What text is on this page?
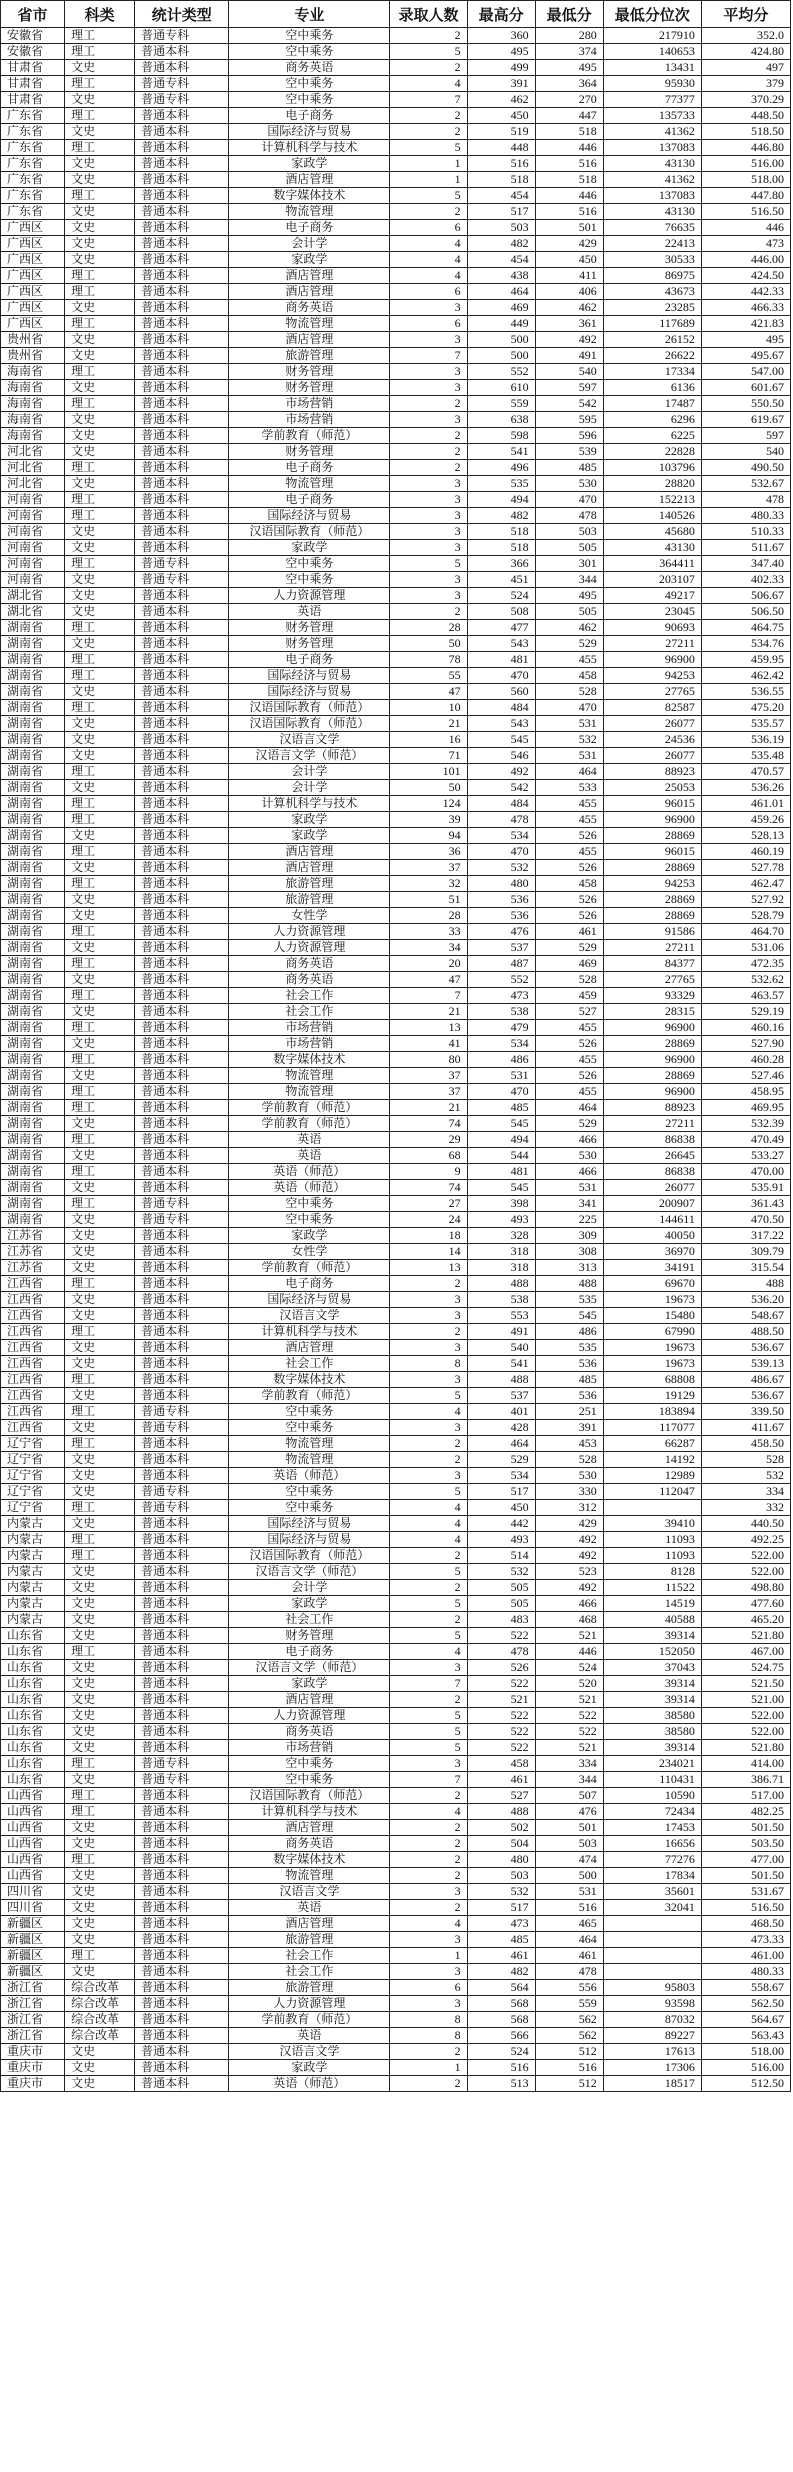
省市	科类	统计类型	专业	录取人数	最高分	最低分	最低分位次	平均分
安徽省	理工	普通专科	空中乘务	2	360	280	217910	352.0
安徽省	理工	普通本科	空中乘务	5	495	374	140653	424.80
甘肃省	文史	普通本科	商务英语	2	499	495	13431	497
甘肃省	理工	普通专科	空中乘务	4	391	364	95930	379
甘肃省	文史	普通专科	空中乘务	7	462	270	77377	370.29
广东省	理工	普通本科	电子商务	2	450	447	135733	448.50
广东省	文史	普通本科	国际经济与贸易	2	519	518	41362	518.50
广东省	理工	普通本科	计算机科学与技术	5	448	446	137083	446.80
广东省	文史	普通本科	家政学	1	516	516	43130	516.00
广东省	文史	普通本科	酒店管理	1	518	518	41362	518.00
广东省	理工	普通本科	数字媒体技术	5	454	446	137083	447.80
广东省	文史	普通本科	物流管理	2	517	516	43130	516.50
广西区	文史	普通本科	电子商务	6	503	501	76635	446
广西区	文史	普通本科	会计学	4	482	429	22413	473
广西区	文史	普通本科	家政学	4	454	450	30533	446.00
广西区	理工	普通本科	酒店管理	4	438	411	86975	424.50
广西区	理工	普通本科	酒店管理	6	464	406	43673	442.33
广西区	文史	普通本科	商务英语	3	469	462	23285	466.33
广西区	理工	普通本科	物流管理	6	449	361	117689	421.83
贵州省	文史	普通本科	酒店管理	3	500	492	26152	495
贵州省	文史	普通本科	旅游管理	7	500	491	26622	495.67
海南省	理工	普通本科	财务管理	3	552	540	17334	547.00
海南省	文史	普通本科	财务管理	3	610	597	6136	601.67
海南省	理工	普通本科	市场营销	2	559	542	17487	550.50
海南省	文史	普通本科	市场营销	3	638	595	6296	619.67
海南省	文史	普通本科	学前教育（师范）	2	598	596	6225	597
河北省	文史	普通本科	财务管理	2	541	539	22828	540
河北省	理工	普通本科	电子商务	2	496	485	103796	490.50
河北省	文史	普通本科	物流管理	3	535	530	28820	532.67
河南省	理工	普通本科	电子商务	3	494	470	152213	478
河南省	理工	普通本科	国际经济与贸易	3	482	478	140526	480.33
河南省	文史	普通本科	汉语国际教育（师范）	3	518	503	45680	510.33
河南省	文史	普通本科	家政学	3	518	505	43130	511.67
河南省	理工	普通专科	空中乘务	5	366	301	364411	347.40
河南省	文史	普通专科	空中乘务	3	451	344	203107	402.33
湖北省	文史	普通本科	人力资源管理	3	524	495	49217	506.67
湖北省	文史	普通本科	英语	2	508	505	23045	506.50
湖南省	理工	普通本科	财务管理	28	477	462	90693	464.75
湖南省	文史	普通本科	财务管理	50	543	529	27211	534.76
湖南省	理工	普通本科	电子商务	78	481	455	96900	459.95
湖南省	理工	普通本科	国际经济与贸易	55	470	458	94253	462.42
湖南省	文史	普通本科	国际经济与贸易	47	560	528	27765	536.55
湖南省	理工	普通本科	汉语国际教育（师范）	10	484	470	82587	475.20
湖南省	文史	普通本科	汉语国际教育（师范）	21	543	531	26077	535.57
湖南省	文史	普通本科	汉语言文学	16	545	532	24536	536.19
湖南省	文史	普通本科	汉语言文学（师范）	71	546	531	26077	535.48
湖南省	理工	普通本科	会计学	101	492	464	88923	470.57
湖南省	文史	普通本科	会计学	50	542	533	25053	536.26
湖南省	理工	普通本科	计算机科学与技术	124	484	455	96015	461.01
湖南省	理工	普通本科	家政学	39	478	455	96900	459.26
湖南省	文史	普通本科	家政学	94	534	526	28869	528.13
湖南省	理工	普通本科	酒店管理	36	470	455	96015	460.19
湖南省	文史	普通本科	酒店管理	37	532	526	28869	527.78
湖南省	理工	普通本科	旅游管理	32	480	458	94253	462.47
湖南省	文史	普通本科	旅游管理	51	536	526	28869	527.92
湖南省	文史	普通本科	女性学	28	536	526	28869	528.79
湖南省	理工	普通本科	人力资源管理	33	476	461	91586	464.70
湖南省	文史	普通本科	人力资源管理	34	537	529	27211	531.06
湖南省	理工	普通本科	商务英语	20	487	469	84377	472.35
湖南省	文史	普通本科	商务英语	47	552	528	27765	532.62
湖南省	理工	普通本科	社会工作	7	473	459	93329	463.57
湖南省	文史	普通本科	社会工作	21	538	527	28315	529.19
湖南省	理工	普通本科	市场营销	13	479	455	96900	460.16
湖南省	文史	普通本科	市场营销	41	534	526	28869	527.90
湖南省	理工	普通本科	数字媒体技术	80	486	455	96900	460.28
湖南省	文史	普通本科	物流管理	37	531	526	28869	527.46
湖南省	理工	普通本科	物流管理	37	470	455	96900	458.95
湖南省	理工	普通本科	学前教育（师范）	21	485	464	88923	469.95
湖南省	文史	普通本科	学前教育（师范）	74	545	529	27211	532.39
湖南省	理工	普通本科	英语	29	494	466	86838	470.49
湖南省	文史	普通本科	英语	68	544	530	26645	533.27
湖南省	理工	普通本科	英语（师范）	9	481	466	86838	470.00
湖南省	文史	普通本科	英语（师范）	74	545	531	26077	535.91
湖南省	理工	普通专科	空中乘务	27	398	341	200907	361.43
湖南省	文史	普通专科	空中乘务	24	493	225	144611	470.50
江苏省	文史	普通本科	家政学	18	328	309	40050	317.22
江苏省	文史	普通本科	女性学	14	318	308	36970	309.79
江苏省	文史	普通本科	学前教育（师范）	13	318	313	34191	315.54
江西省	理工	普通本科	电子商务	2	488	488	69670	488
江西省	文史	普通本科	国际经济与贸易	3	538	535	19673	536.20
江西省	文史	普通本科	汉语言文学	3	553	545	15480	548.67
江西省	理工	普通本科	计算机科学与技术	2	491	486	67990	488.50
江西省	文史	普通本科	酒店管理	3	540	535	19673	536.67
江西省	文史	普通本科	社会工作	8	541	536	19673	539.13
江西省	理工	普通本科	数字媒体技术	3	488	485	68808	486.67
江西省	文史	普通本科	学前教育（师范）	5	537	536	19129	536.67
江西省	理工	普通专科	空中乘务	4	401	251	183894	339.50
江西省	文史	普通专科	空中乘务	3	428	391	117077	411.67
辽宁省	理工	普通本科	物流管理	2	464	453	66287	458.50
辽宁省	文史	普通本科	物流管理	2	529	528	14192	528
辽宁省	文史	普通本科	英语（师范）	3	534	530	12989	532
辽宁省	文史	普通专科	空中乘务	5	517	330	112047	334
辽宁省	理工	普通专科	空中乘务	4	450	312		332
内蒙古	文史	普通本科	国际经济与贸易	4	442	429	39410	440.50
内蒙古	理工	普通本科	国际经济与贸易	4	493	492	11093	492.25
内蒙古	理工	普通本科	汉语国际教育（师范）	2	514	492	11093	522.00
内蒙古	文史	普通本科	汉语言文学（师范）	5	532	523	8128	522.00
内蒙古	文史	普通本科	会计学	2	505	492	11522	498.80
内蒙古	文史	普通本科	家政学	5	505	466	14519	477.60
内蒙古	文史	普通本科	社会工作	2	483	468	40588	465.20
山东省	文史	普通本科	财务管理	5	522	521	39314	521.80
山东省	理工	普通本科	电子商务	4	478	446	152050	467.00
山东省	文史	普通本科	汉语言文学（师范）	3	526	524	37043	524.75
山东省	文史	普通本科	家政学	7	522	520	39314	521.50
山东省	文史	普通本科	酒店管理	2	521	521	39314	521.00
山东省	文史	普通本科	人力资源管理	5	522	522	38580	522.00
山东省	文史	普通本科	商务英语	5	522	522	38580	522.00
山东省	文史	普通本科	市场营销	5	522	521	39314	521.80
山东省	理工	普通专科	空中乘务	3	458	334	234021	414.00
山东省	文史	普通专科	空中乘务	7	461	344	110431	386.71
山西省	理工	普通本科	汉语国际教育（师范）	2	527	507	10590	517.00
山西省	理工	普通本科	计算机科学与技术	4	488	476	72434	482.25
山西省	文史	普通本科	酒店管理	2	502	501	17453	501.50
山西省	文史	普通本科	商务英语	2	504	503	16656	503.50
山西省	理工	普通本科	数字媒体技术	2	480	474	77276	477.00
山西省	文史	普通本科	物流管理	2	503	500	17834	501.50
四川省	文史	普通本科	汉语言文学	3	532	531	35601	531.67
四川省	文史	普通本科	英语	2	517	516	32041	516.50
新疆区	文史	普通本科	酒店管理	4	473	465		468.50
新疆区	文史	普通本科	旅游管理	3	485	464		473.33
新疆区	理工	普通本科	社会工作	1	461	461		461.00
新疆区	文史	普通本科	社会工作	3	482	478		480.33
浙江省	综合改革	普通本科	旅游管理	6	564	556	95803	558.67
浙江省	综合改革	普通本科	人力资源管理	3	568	559	93598	562.50
浙江省	综合改革	普通本科	学前教育（师范）	8	568	562	87032	564.67
浙江省	综合改革	普通本科	英语	8	566	562	89227	563.43
重庆市	文史	普通本科	汉语言文学	2	524	512	17613	518.00
重庆市	文史	普通本科	家政学	1	516	516	17306	516.00
重庆市	文史	普通本科	英语（师范）	2	513	512	18517	512.50
